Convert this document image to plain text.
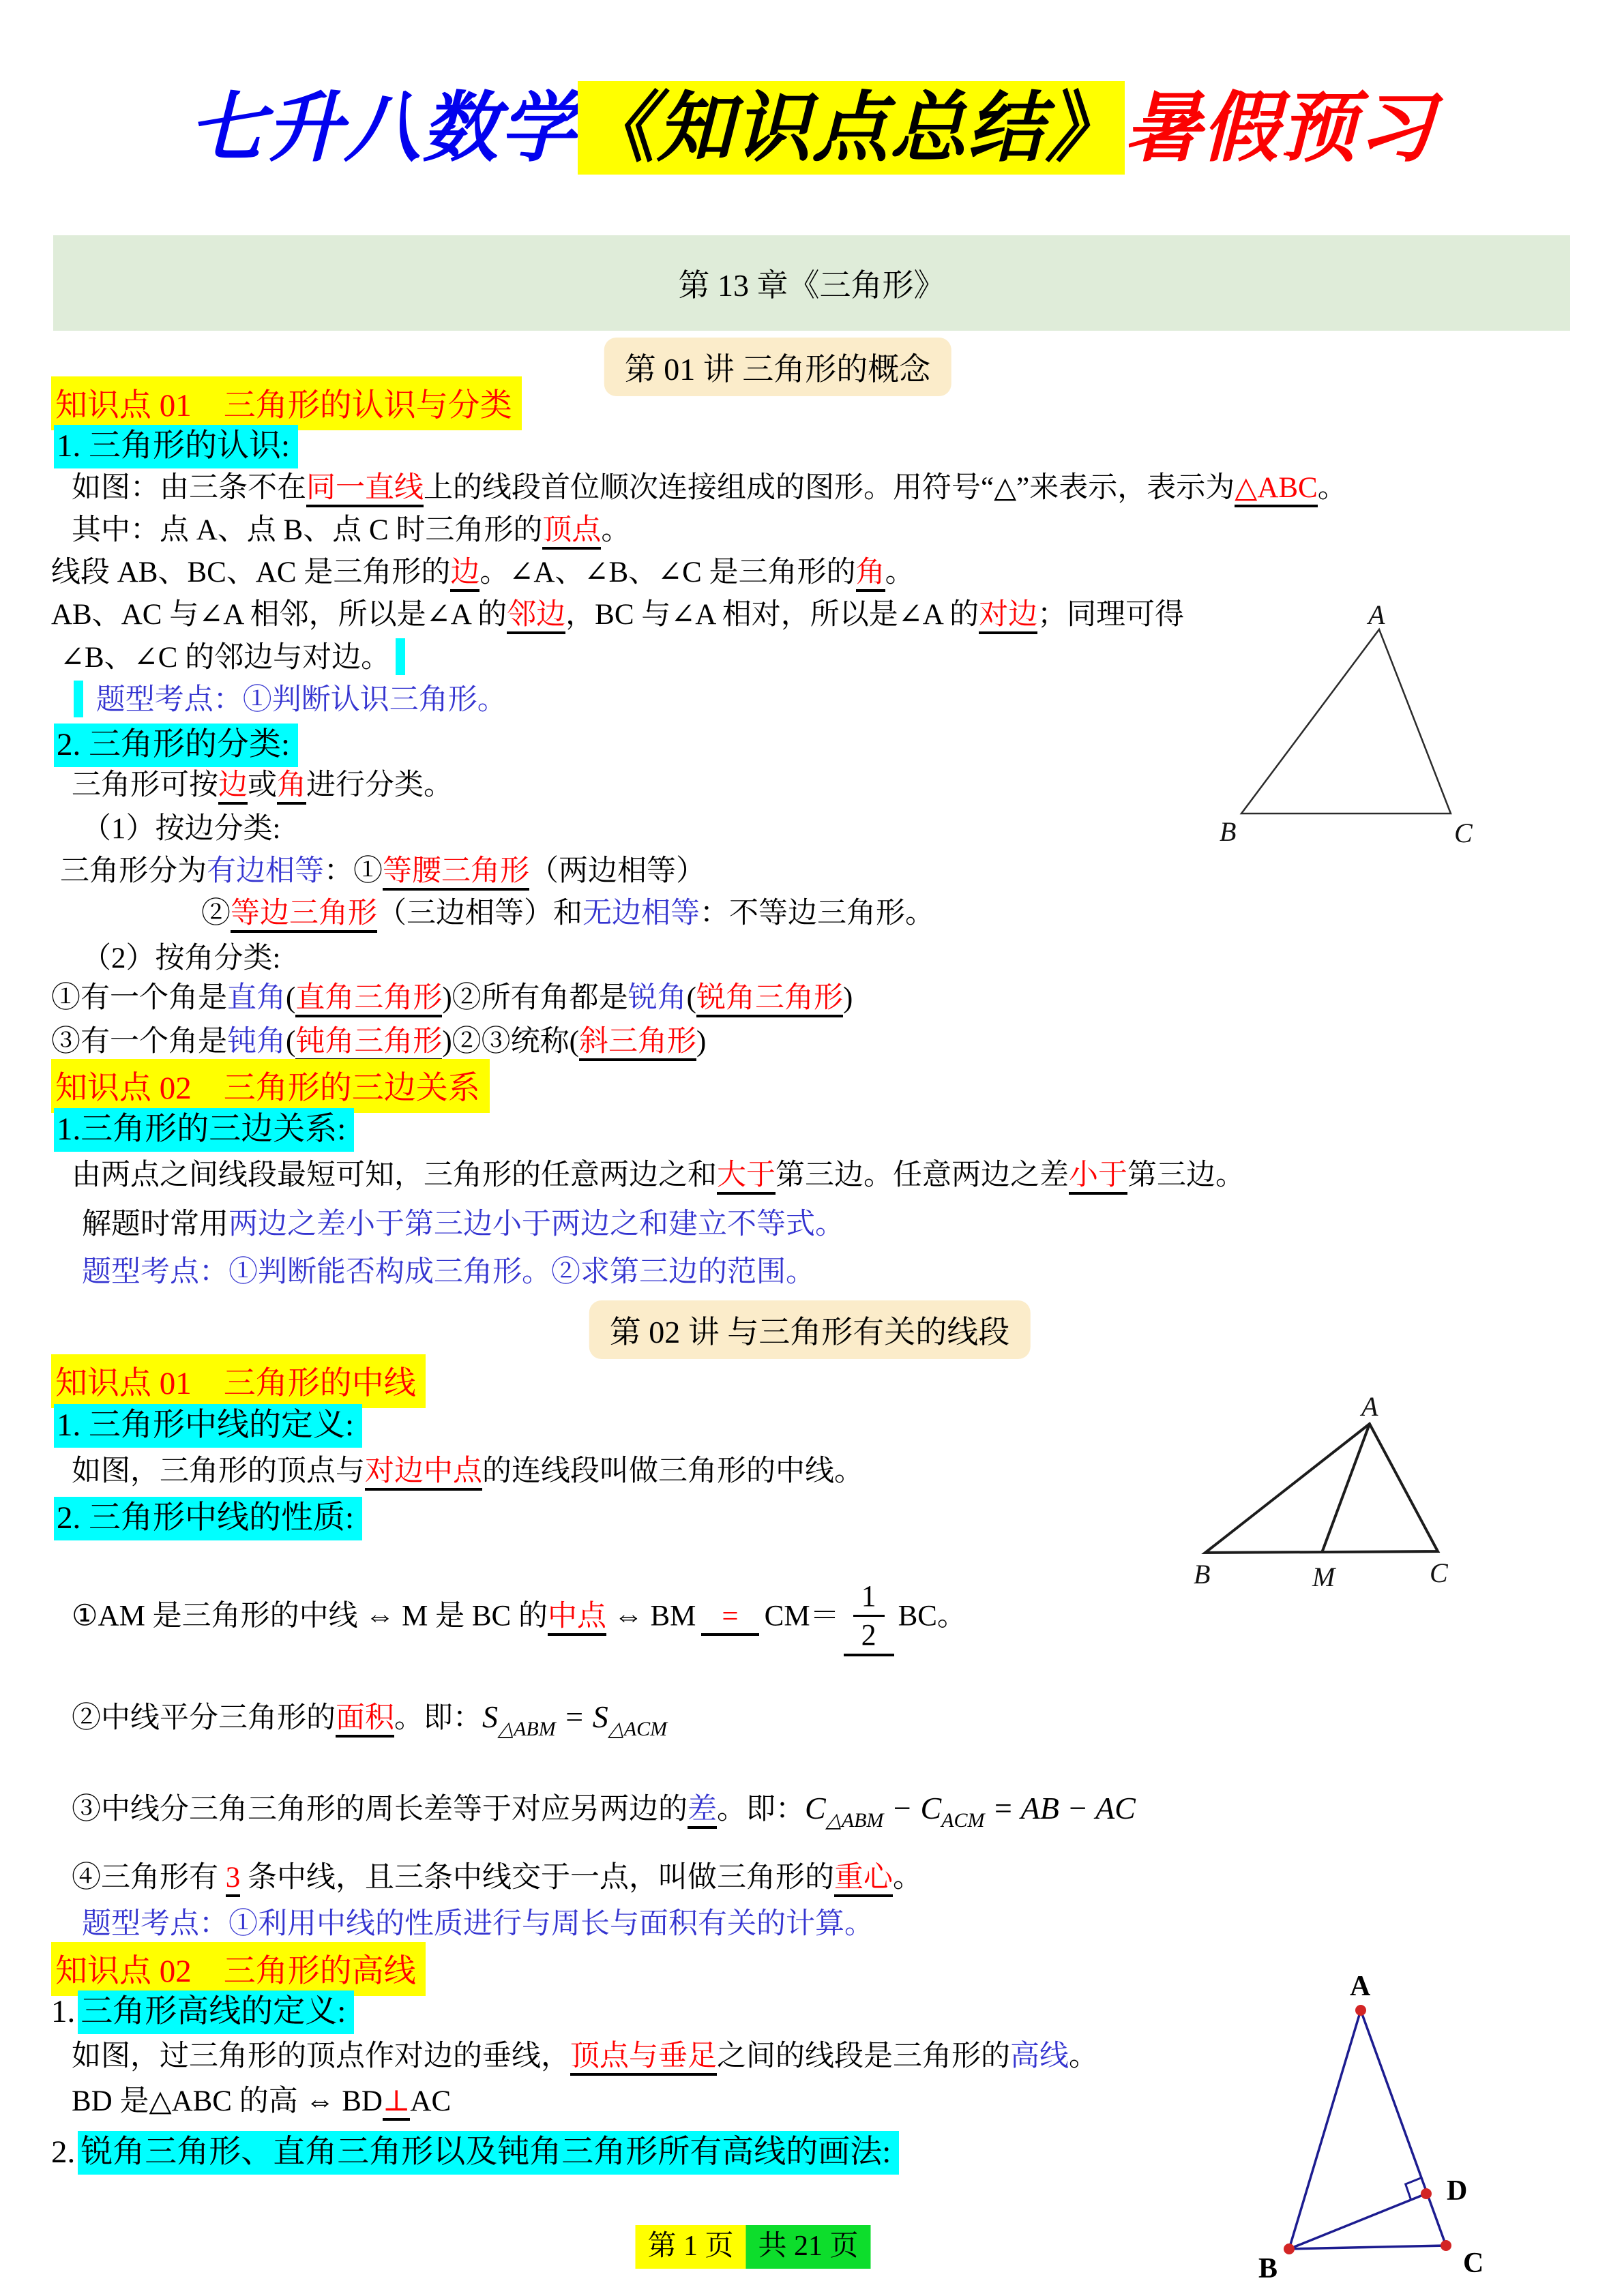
七升八数学《知识点总结》暑假预习
第 13 章《三角形》
第 01 讲 三角形的概念
知识点 01　三角形的认识与分类
1. 三角形的认识:
如图：由三条不在同一直线上的线段首位顺次连接组成的图形。用符号“△”来表示，表示为△ABC。
其中：点 A、点 B、点 C 时三角形的顶点。
线段 AB、BC、AC 是三角形的边。∠A、∠B、∠C 是三角形的角。
AB、AC 与∠A 相邻，所以是∠A 的邻边，BC 与∠A 相对，所以是∠A 的对边；同理可得
∠B、∠C 的邻边与对边。
题型考点：①判断认识三角形。
2. 三角形的分类:
三角形可按边或角进行分类。
（1）按边分类:
三角形分为有边相等：①等腰三角形（两边相等）
②等边三角形（三边相等）和无边相等：不等边三角形。
（2）按角分类:
①有一个角是直角(直角三角形)②所有角都是锐角(锐角三角形)
③有一个角是钝角(钝角三角形)②③统称(斜三角形)
知识点 02　三角形的三边关系
1.三角形的三边关系:
由两点之间线段最短可知，三角形的任意两边之和大于第三边。任意两边之差小于第三边。
解题时常用两边之差小于第三边小于两边之和建立不等式。
题型考点：①判断能否构成三角形。②求第三边的范围。
第 02 讲 与三角形有关的线段
知识点 01　三角形的中线
1. 三角形中线的定义:
如图，三角形的顶点与对边中点的连线段叫做三角形的中线。
2. 三角形中线的性质:
①AM 是三角形的中线 ⇔ M 是 BC 的中点 ⇔ BM = $CM= \frac{1}{2}$ BC。
②中线平分三角形的面积。即：$S_{\triangle ABM} = S_{\triangle ACM}$
③中线分三角三角形的周长差等于对应另两边的差。即：$C_{\triangle ABM} - C_{ACM}$ = AB − AC
④三角形有 3 条中线，且三条中线交于一点，叫做三角形的重心。
题型考点：①利用中线的性质进行与周长与面积有关的计算。
知识点 02　三角形的高线
1. 三角形高线的定义:
如图，过三角形的顶点作对边的垂线，顶点与垂足之间的线段是三角形的高线。
BD 是△ABC 的高 ⇔ BD⊥AC
2. 锐角三角形、直角三角形以及钝角三角形所有高线的画法:
A
B	C
A
B	M	C
A
B	C
D
第 1 页 共 21 页
